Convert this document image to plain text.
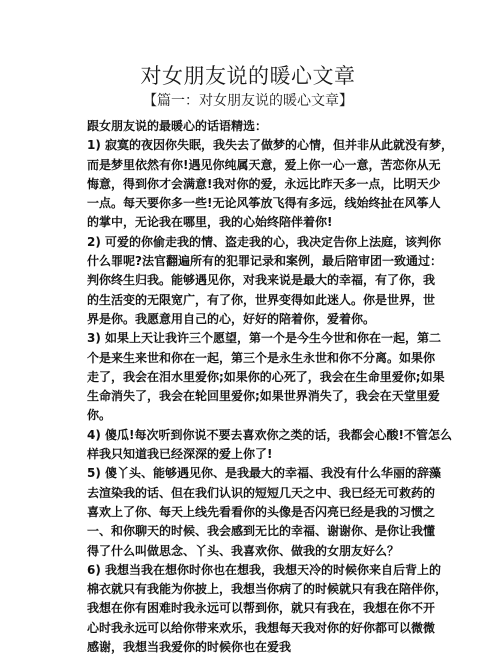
对女朋友说的暖心文章
【篇一：对女朋友说的暖心文章】
跟女朋友说的最暖心的话语精选：
1) 寂寞的夜因你失眠，我失去了做梦的心情，但并非从此就没有梦，
而是梦里依然有你!遇见你纯属天意，爱上你一心一意，苦恋你从无
悔意，得到你才会满意!我对你的爱，永远比昨天多一点，比明天少
一点。每天要你多一些!无论风筝放飞得有多远，线始终扯在风筝人
的掌中，无论我在哪里，我的心始终陪伴着你!
2) 可爱的你偷走我的情、盗走我的心，我决定告你上法庭，该判你
什么罪呢?法官翻遍所有的犯罪记录和案例，最后陪审团一致通过：
判你终生归我。能够遇见你，对我来说是最大的幸福，有了你，我
的生活变的无限宽广，有了你，世界变得如此迷人。你是世界，世
界是你。我愿意用自己的心，好好的陪着你，爱着你。
3) 如果上天让我许三个愿望，第一个是今生今世和你在一起，第二
个是来生来世和你在一起，第三个是永生永世和你不分离。如果你
走了，我会在泪水里爱你;如果你的心死了，我会在生命里爱你;如果
生命消失了，我会在轮回里爱你;如果世界消失了，我会在天堂里爱
你。
4) 傻瓜!每次听到你说不要去喜欢你之类的话，我都会心酸!不管怎么
样我只知道我已经深深的爱上你了!
5) 傻丫头、能够遇见你、是我最大的幸福、我没有什么华丽的辞藻
去渲染我的话、但在我们认识的短短几天之中、我已经无可救药的
喜欢上了你、每天上线先看看你的头像是否闪亮已经是我的习惯之
一、和你聊天的时候、我会感到无比的幸福、谢谢你、是你让我懂
得了什么叫做思念、丫头、我喜欢你、做我的女朋友好么？
6) 我想当我在想你时你也在想我，我想天冷的时候你来自后背上的
棉衣就只有我能为你披上，我想当你病了的时候就只有我在陪伴你，
我想在你有困难时我永远可以帮到你，就只有我在，我想在你不开
心时我永远可以给你带来欢乐，我想每天我对你的好你都可以微微
感谢，我想当我爱你的时候你也在爱我
